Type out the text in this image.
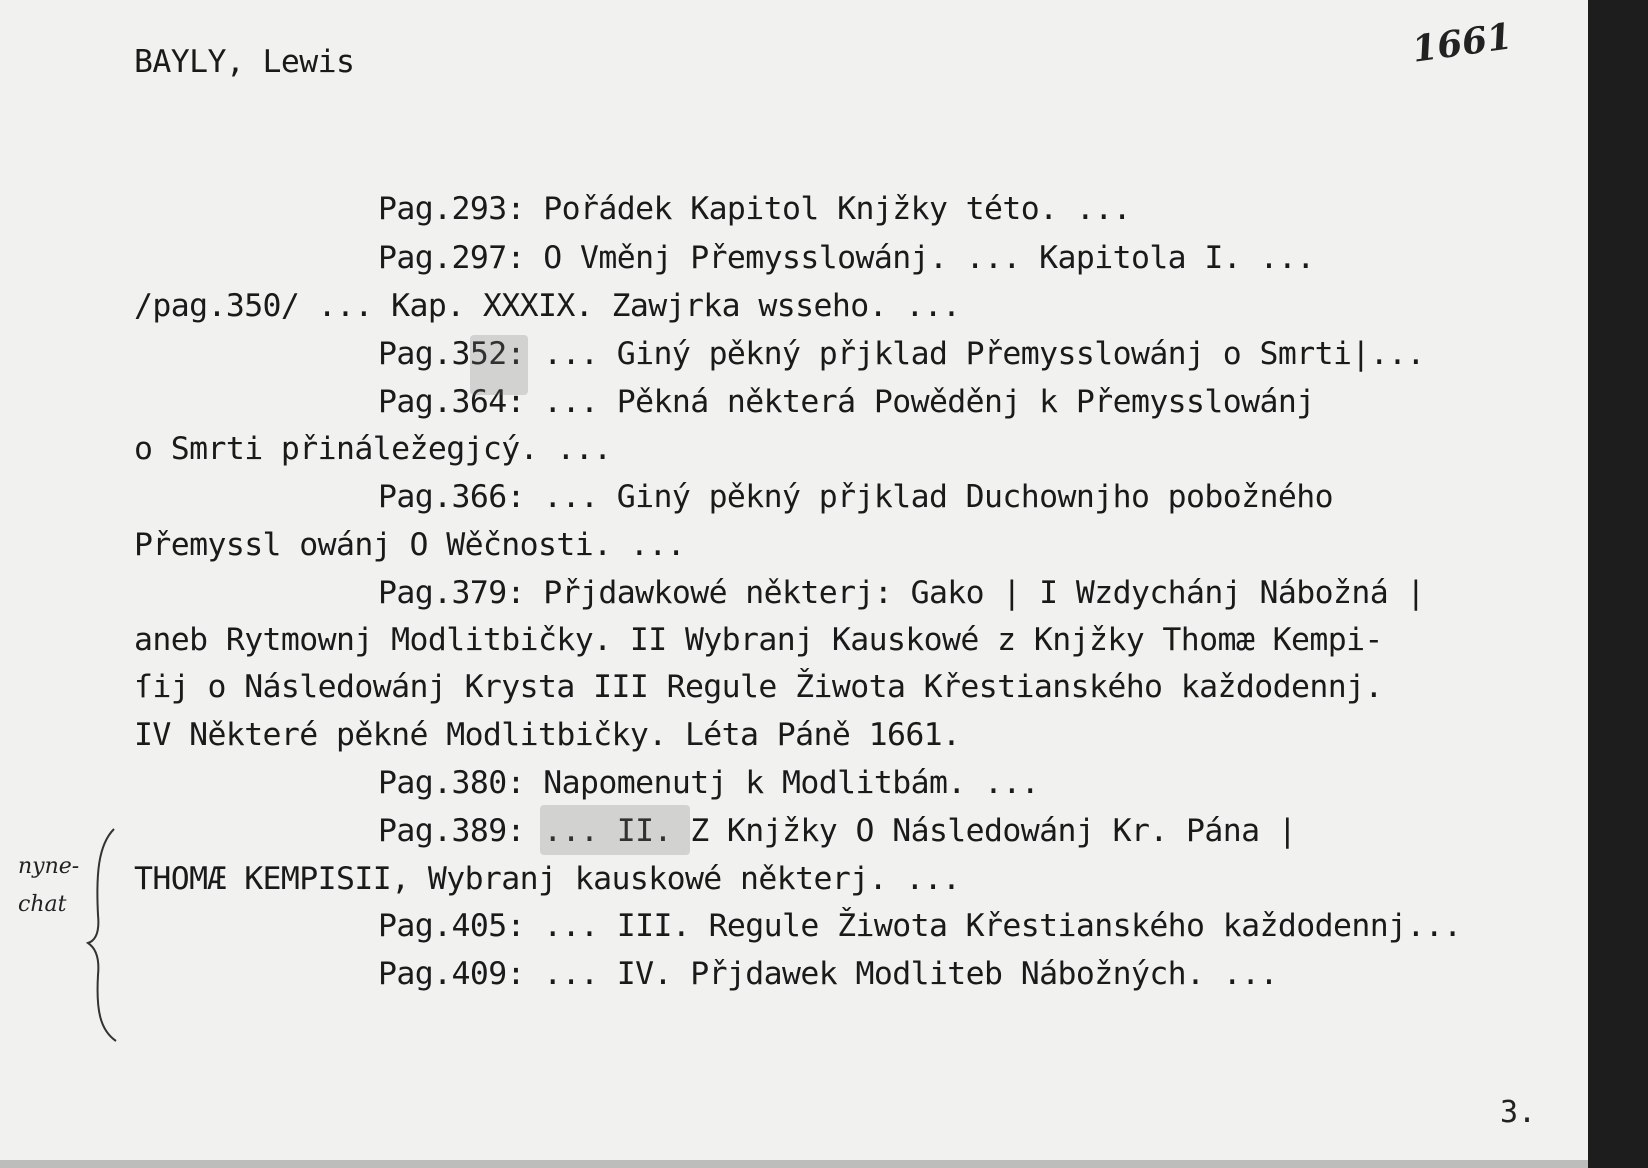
BAYLY, Lewis

Pag.293: Pořádek Kapitol Knjžky této. ...

Pag.297: O Vměnj Přemysslowánj. ... Kapitola I. ...

/pag.350/ ... Kap. XXXIX. Zawjrka wsseho. ...

Pag.352: ... Giný pěkný přjklad Přemysslowánj o Smrti|...

Pag.364: ... Pěkná některá Powěděnj k Přemysslowánj

o Smrti přináležegjcý. ...

Pag.366: ... Giný pěkný přjklad Duchownjho pobožného

Přemyssl owánj O Wěčnosti. ...

Pag.379: Přjdawkowé některj: Gako | I Wzdychánj Nábožná |

aneb Rytmownj Modlitbičky. II Wybranj Kauskowé z Knjžky Thomæ Kempi-

ſij o Následowánj Krysta III Regule Žiwota Křestianského každodennj.

IV Některé pěkné Modlitbičky. Léta Páně 1661.

Pag.380: Napomenutj k Modlitbám. ...

Pag.389: ... II. Z Knjžky O Následowánj Kr. Pána |

THOMÆ KEMPISII, Wybranj kauskowé některj. ...

Pag.405: ... III. Regule Žiwota Křestianského každodennj...

Pag.409: ... IV. Přjdawek Modliteb Nábožných. ...

1661
nyne-
chat
3.
